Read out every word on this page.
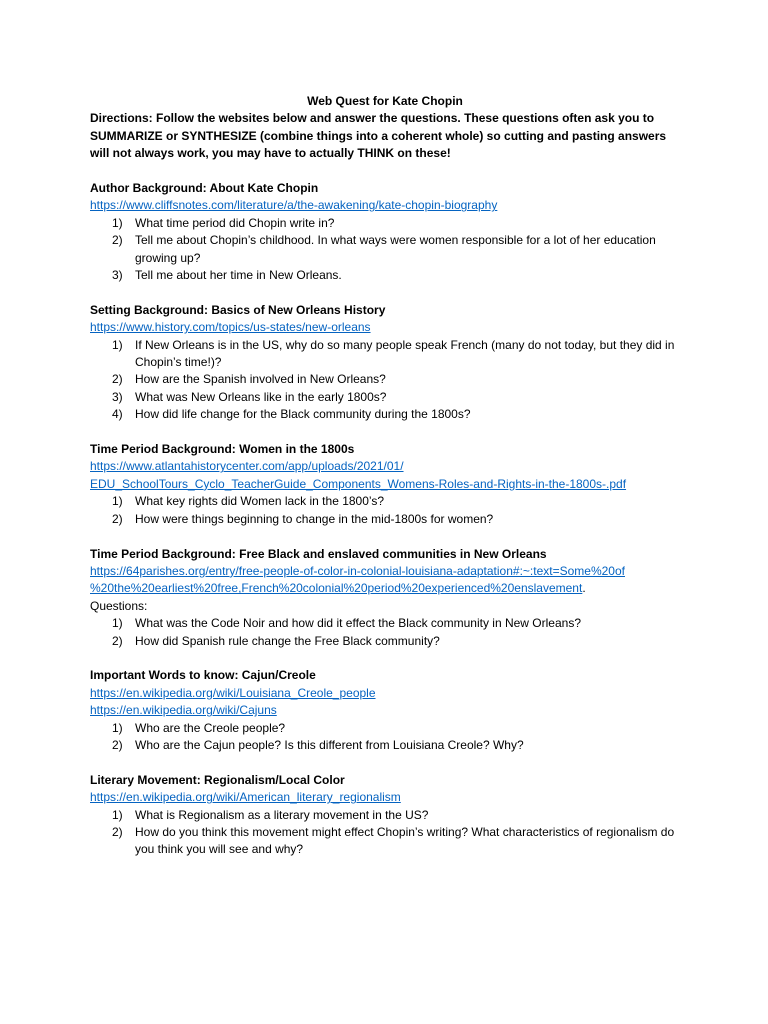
Web Quest for Kate Chopin
Directions: Follow the websites below and answer the questions. These questions often ask you to SUMMARIZE or SYNTHESIZE (combine things into a coherent whole) so cutting and pasting answers will not always work, you may have to actually THINK on these!
Author Background: About Kate Chopin
https://www.cliffsnotes.com/literature/a/the-awakening/kate-chopin-biography
1) What time period did Chopin write in?
2) Tell me about Chopin’s childhood. In what ways were women responsible for a lot of her education growing up?
3) Tell me about her time in New Orleans.
Setting Background: Basics of New Orleans History
https://www.history.com/topics/us-states/new-orleans
1) If New Orleans is in the US, why do so many people speak French (many do not today, but they did in Chopin’s time!)?
2) How are the Spanish involved in New Orleans?
3) What was New Orleans like in the early 1800s?
4) How did life change for the Black community during the 1800s?
Time Period Background: Women in the 1800s
https://www.atlantahistorycenter.com/app/uploads/2021/01/
EDU_SchoolTours_Cyclo_TeacherGuide_Components_Womens-Roles-and-Rights-in-the-1800s-.pdf
1) What key rights did Women lack in the 1800’s?
2) How were things beginning to change in the mid-1800s for women?
Time Period Background: Free Black and enslaved communities in New Orleans
https://64parishes.org/entry/free-people-of-color-in-colonial-louisiana-adaptation#:~:text=Some%20of
%20the%20earliest%20free,French%20colonial%20period%20experienced%20enslavement.
Questions:
1) What was the Code Noir and how did it effect the Black community in New Orleans?
2) How did Spanish rule change the Free Black community?
Important Words to know: Cajun/Creole
https://en.wikipedia.org/wiki/Louisiana_Creole_people
https://en.wikipedia.org/wiki/Cajuns
1) Who are the Creole people?
2) Who are the Cajun people? Is this different from Louisiana Creole? Why?
Literary Movement: Regionalism/Local Color
https://en.wikipedia.org/wiki/American_literary_regionalism
1) What is Regionalism as a literary movement in the US?
2) How do you think this movement might effect Chopin’s writing? What characteristics of regionalism do you think you will see and why?
